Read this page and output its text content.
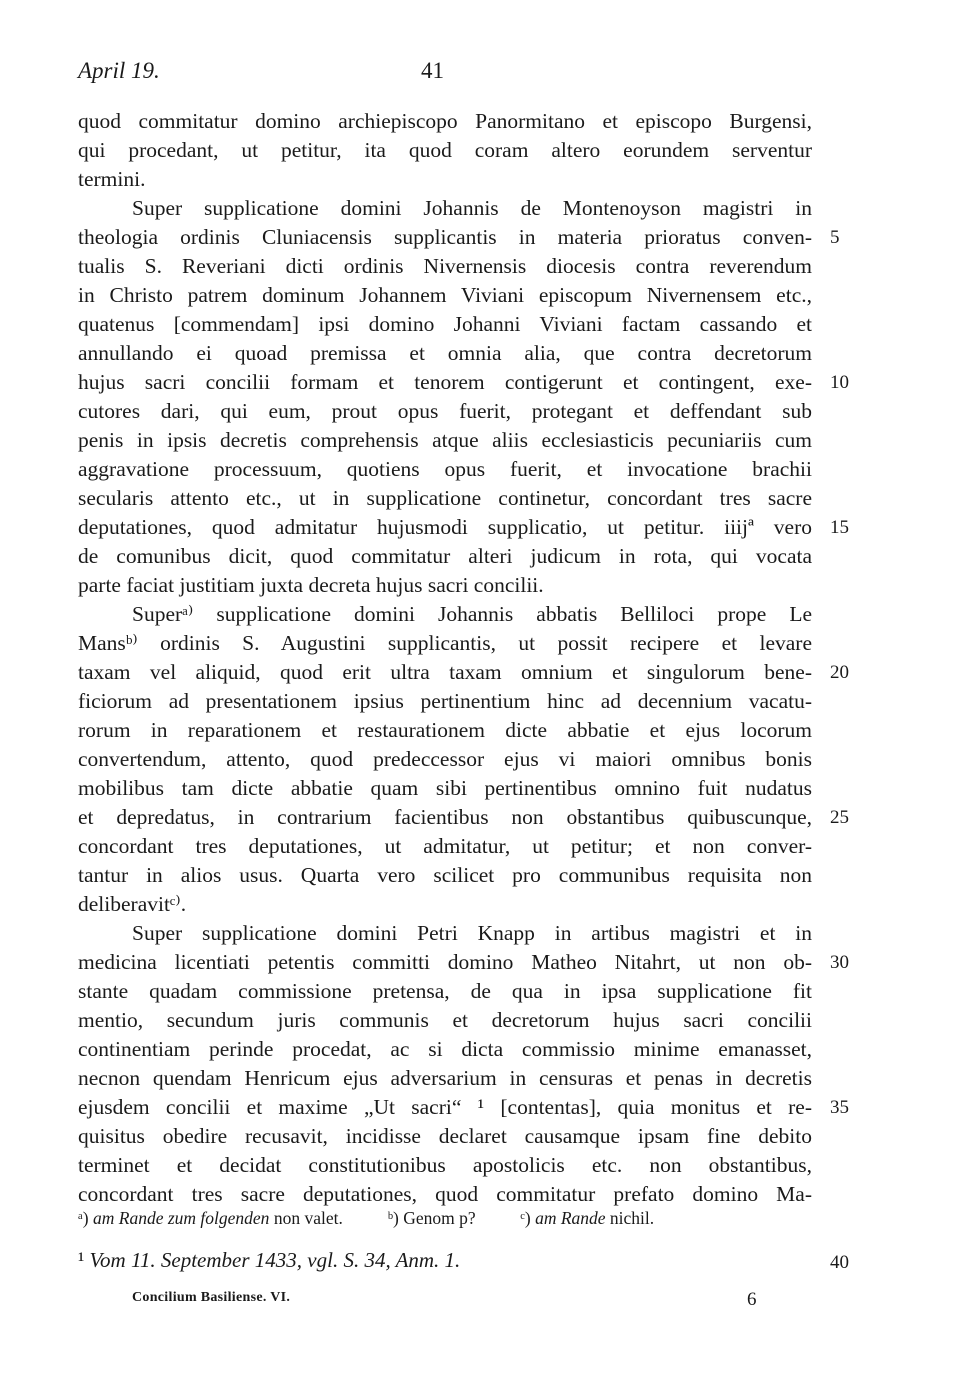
April 19.	41
quod commitatur domino archiepiscopo Panormitano et episcopo Burgensi,
qui procedant, ut petitur, ita quod coram altero eorundem serventur
termini.
Super supplicatione domini Johannis de Montenoyson magistri in
theologia ordinis Cluniacensis supplicantis in materia prioratus conven- 5
tualis S. Reveriani dicti ordinis Nivernensis diocesis contra reverendum
in Christo patrem dominum Johannem Viviani episcopum Nivernensem etc.,
quatenus [commendam] ipsi domino Johanni Viviani factam cassando et
annullando ei quoad premissa et omnia alia, que contra decretorum
hujus sacri concilii formam et tenorem contigerunt et contingent, exe- 10
cutores dari, qui eum, prout opus fuerit, protegant et deffendant sub
penis in ipsis decretis comprehensis atque aliis ecclesiasticis pecuniariis cum
aggravatione processuum, quotiens opus fuerit, et invocatione brachii
secularis attento etc., ut in supplicatione continetur, concordant tres sacre
deputationes, quod admitatur hujusmodi supplicatio, ut petitur. iiijª vero 15
de comunibus dicit, quod commitatur alteri judicum in rota, qui vocata
parte faciat justitiam juxta decreta hujus sacri concilii.
Superᵃ⁾ supplicatione domini Johannis abbatis Belliloci prope Le
Mansᵇ⁾ ordinis S. Augustini supplicantis, ut possit recipere et levare
taxam vel aliquid, quod erit ultra taxam omnium et singulorum bene- 20
ficiorum ad presentationem ipsius pertinentium hinc ad decennium vacatu-
rorum in reparationem et restaurationem dicte abbatie et ejus locorum
convertendum, attento, quod predeccessor ejus vi maiori omnibus bonis
mobilibus tam dicte abbatie quam sibi pertinentibus omnino fuit nudatus
et depredatus, in contrarium facientibus non obstantibus quibuscunque, 25
concordant tres deputationes, ut admitatur, ut petitur; et non conver-
tantur in alios usus. Quarta vero scilicet pro communibus requisita non
deliberavitᶜ⁾.
Super supplicatione domini Petri Knapp in artibus magistri et in
medicina licentiati petentis committi domino Matheo Nitahrt, ut non ob- 30
stante quadam commissione pretensa, de qua in ipsa supplicatione fit
mentio, secundum juris communis et decretorum hujus sacri concilii
continentiam perinde procedat, ac si dicta commissio minime emanasset,
necnon quendam Henricum ejus adversarium in censuras et penas in decretis
ejusdem concilii et maxime „Ut sacri“ ¹ [contentas], quia monitus et re- 35
quisitus obedire recusavit, incidisse declaret causamque ipsam fine debito
terminet et decidat constitutionibus apostolicis etc. non obstantibus,
concordant tres sacre deputationes, quod commitatur prefato domino Ma-
ᵃ) am Rande zum folgenden non valet.	ᵇ) Genom p?	ᶜ) am Rande nichil.
¹ Vom 11. September 1433, vgl. S. 34, Anm. 1.	40
Concilium Basiliense. VI.	6
